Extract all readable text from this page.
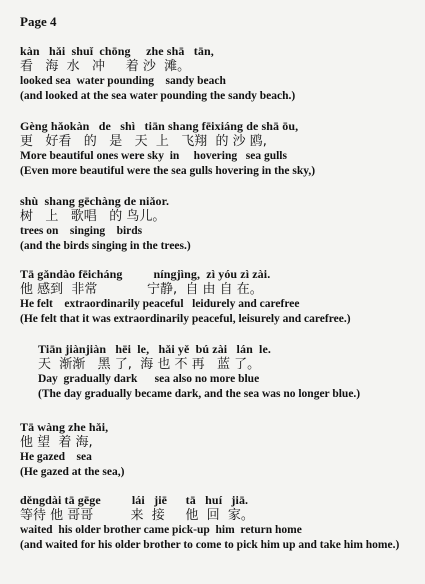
Page 4
kàn   hǎi  shuǐ  chōng     zhe shā   tān,
看   海  水   冲     着 沙  滩。
looked sea  water pounding    sandy beach
(and looked at the sea water pounding the sandy beach.)
Gèng hǎokàn   de   shì   tiān shang fēixiáng de shā ōu,
更   好看   的   是   天  上   飞翔  的 沙 鸥,
More beautiful ones were sky  in     hovering   sea gulls
(Even more beautiful were the sea gulls hovering in the sky,)
shù  shang gēchàng de niǎor.
树   上   歌唱   的 鸟儿。
trees on    singing    birds
(and the birds singing in the trees.)
Tā gǎndào fēicháng          níngjìng,  zì yóu zì zài.
他 感到  非常            宁静,  自 由 自 在。
He felt    extraordinarily peaceful   leidurely and carefree
(He felt that it was extraordinarily peaceful, leisurely and carefree.)
Tiān jiànjiàn   hēi  le,   hǎi yě  bú zài   lán  le.
天  渐渐   黑 了,  海 也 不 再   蓝 了。
Day  gradually dark      sea also no more blue
(The day gradually became dark, and the sea was no longer blue.)
Tā wàng zhe hǎi,
他 望  着 海,
He gazed    sea
(He gazed at the sea,)
děngdài tā gēge          lái   jiē      tā   huí   jiā.
等待 他 哥哥         来  接     他  回  家。
waited  his older brother came pick-up  him  return home
(and waited for his older brother to come to pick him up and take him home.)
